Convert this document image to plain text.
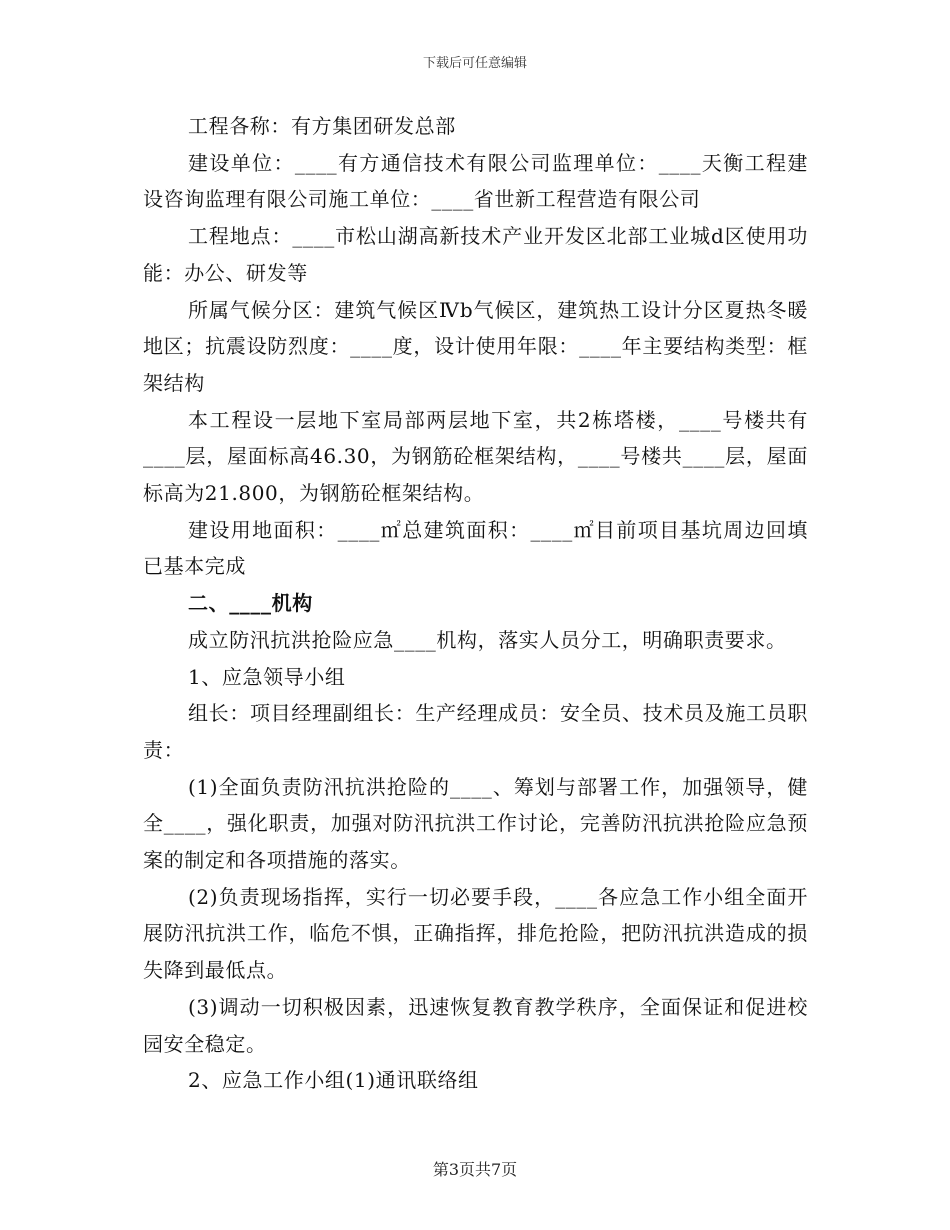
下载后可任意编辑

工程各称：有方集团研发总部

建设单位：____有方通信技术有限公司监理单位：____天衡工程建设咨询监理有限公司施工单位：____省世新工程营造有限公司

工程地点：____市松山湖高新技术产业开发区北部工业城d区使用功能：办公、研发等

所属气候分区：建筑气候区Ⅳb气候区，建筑热工设计分区夏热冬暖地区；抗震设防烈度：____度，设计使用年限：____年主要结构类型：框架结构

本工程设一层地下室局部两层地下室，共2栋塔楼，____号楼共有____层，屋面标高46.30，为钢筋砼框架结构，____号楼共____层，屋面标高为21.800，为钢筋砼框架结构。

建设用地面积：____㎡总建筑面积：____㎡目前项目基坑周边回填已基本完成

二、____机构

成立防汛抗洪抢险应急____机构，落实人员分工，明确职责要求。

1、应急领导小组

组长：项目经理副组长：生产经理成员：安全员、技术员及施工员职责：

(1)全面负责防汛抗洪抢险的____、筹划与部署工作，加强领导，健全____，强化职责，加强对防汛抗洪工作讨论，完善防汛抗洪抢险应急预案的制定和各项措施的落实。

(2)负责现场指挥，实行一切必要手段，____各应急工作小组全面开展防汛抗洪工作，临危不惧，正确指挥，排危抢险，把防汛抗洪造成的损失降到最低点。

(3)调动一切积极因素，迅速恢复教育教学秩序，全面保证和促进校园安全稳定。

2、应急工作小组(1)通讯联络组

第3页共7页
